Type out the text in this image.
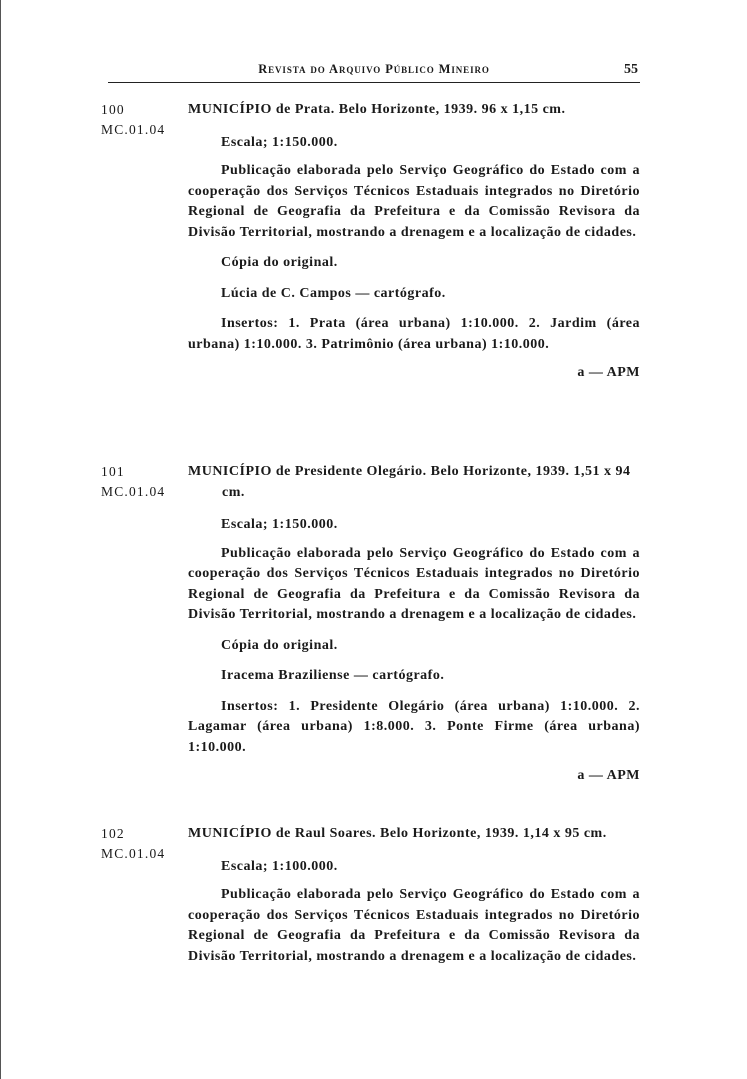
Revista do Arquivo Público Mineiro	55
100
MC.01.04

MUNICÍPIO de Prata. Belo Horizonte, 1939. 96 x 1,15 cm.

Escala; 1:150.000.

Publicação elaborada pelo Serviço Geográfico do Estado com a cooperação dos Serviços Técnicos Estaduais integrados no Diretório Regional de Geografia da Prefeitura e da Comissão Revisora da Divisão Territorial, mostrando a drenagem e a localização de cidades.

Cópia do original.

Lúcia de C. Campos — cartógrafo.

Insertos: 1. Prata (área urbana) 1:10.000. 2. Jardim (área urbana) 1:10.000. 3. Patrimônio (área urbana) 1:10.000.

a — APM

101
MC.01.04

MUNICÍPIO de Presidente Olegário. Belo Horizonte, 1939. 1,51 x 94 cm.

Escala; 1:150.000.

Publicação elaborada pelo Serviço Geográfico do Estado com a cooperação dos Serviços Técnicos Estaduais integrados no Diretório Regional de Geografia da Prefeitura e da Comissão Revisora da Divisão Territorial, mostrando a drenagem e a localização de cidades.

Cópia do original.

Iracema Braziliense — cartógrafo.

Insertos: 1. Presidente Olegário (área urbana) 1:10.000. 2. Lagamar (área urbana) 1:8.000. 3. Ponte Firme (área urbana) 1:10.000.

a — APM

102
MC.01.04

MUNICÍPIO de Raul Soares. Belo Horizonte, 1939. 1,14 x 95 cm.

Escala; 1:100.000.

Publicação elaborada pelo Serviço Geográfico do Estado com a cooperação dos Serviços Técnicos Estaduais integrados no Diretório Regional de Geografia da Prefeitura e da Comissão Revisora da Divisão Territorial, mostrando a drenagem e a localização de cidades.
